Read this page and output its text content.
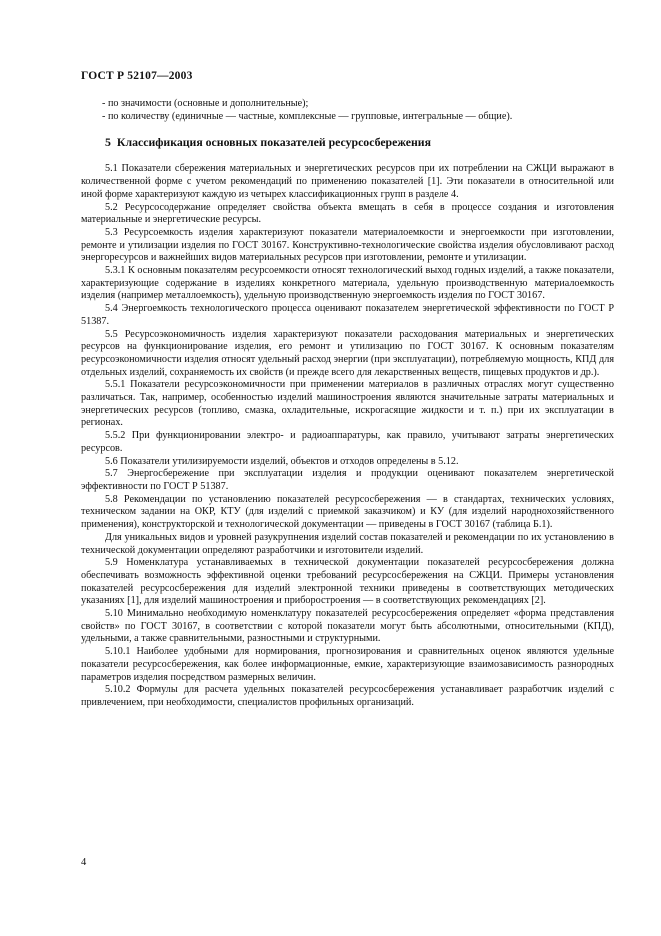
ГОСТ Р 52107—2003

- по значимости (основные и дополнительные);

- по количеству (единичные — частные, комплексные — групповые, интегральные — общие).

5 Классификация основных показателей ресурсосбережения

5.1 Показатели сбережения материальных и энергетических ресурсов при их потреблении на СЖЦИ выражают в количественной форме с учетом рекомендаций по применению показателей [1]. Эти показатели в относительной или иной форме характеризуют каждую из четырех классификационных групп в разделе 4.

5.2 Ресурсосодержание определяет свойства объекта вмещать в себя в процессе создания и изготовления материальные и энергетические ресурсы.

5.3 Ресурсоемкость изделия характеризуют показатели материалоемкости и энергоемкости при изготовлении, ремонте и утилизации изделия по ГОСТ 30167. Конструктивно-технологические свойства изделия обусловливают расход энергоресурсов и важнейших видов материальных ресурсов при изготовлении, ремонте и утилизации.

5.3.1 К основным показателям ресурсоемкости относят технологический выход годных изделий, а также показатели, характеризующие содержание в изделиях конкретного материала, удельную производственную материалоемкость изделия (например металлоемкость), удельную производственную энергоемкость изделия по ГОСТ 30167.

5.4 Энергоемкость технологического процесса оценивают показателем энергетической эффективности по ГОСТ Р 51387.

5.5 Ресурсоэкономичность изделия характеризуют показатели расходования материальных и энергетических ресурсов на функционирование изделия, его ремонт и утилизацию по ГОСТ 30167. К основным показателям ресурсоэкономичности изделия относят удельный расход энергии (при эксплуатации), потребляемую мощность, КПД для отдельных изделий, сохраняемость их свойств (и прежде всего для лекарственных веществ, пищевых продуктов и др.).

5.5.1 Показатели ресурсоэкономичности при применении материалов в различных отраслях могут существенно различаться. Так, например, особенностью изделий машиностроения являются значительные затраты материальных и энергетических ресурсов (топливо, смазка, охладительные, искрогасящие жидкости и т. п.) при их эксплуатации в регионах.

5.5.2 При функционировании электро- и радиоаппаратуры, как правило, учитывают затраты энергетических ресурсов.

5.6 Показатели утилизируемости изделий, объектов и отходов определены в 5.12.

5.7 Энергосбережение при эксплуатации изделия и продукции оценивают показателем энергетической эффективности по ГОСТ Р 51387.

5.8 Рекомендации по установлению показателей ресурсосбережения — в стандартах, технических условиях, техническом задании на ОКР, КТУ (для изделий с приемкой заказчиком) и КУ (для изделий народнохозяйственного применения), конструкторской и технологической документации — приведены в ГОСТ 30167 (таблица Б.1).

Для уникальных видов и уровней разукрупнения изделий состав показателей и рекомендации по их установлению в технической документации определяют разработчики и изготовители изделий.

5.9 Номенклатура устанавливаемых в технической документации показателей ресурсосбережения должна обеспечивать возможность эффективной оценки требований ресурсосбережения на СЖЦИ. Примеры установления показателей ресурсосбережения для изделий электронной техники приведены в соответствующих методических указаниях [1], для изделий машиностроения и приборостроения — в соответствующих рекомендациях [2].

5.10 Минимально необходимую номенклатуру показателей ресурсосбережения определяет «форма представления свойств» по ГОСТ 30167, в соответствии с которой показатели могут быть абсолютными, относительными (КПД), удельными, а также сравнительными, разностными и структурными.

5.10.1 Наиболее удобными для нормирования, прогнозирования и сравнительных оценок являются удельные показатели ресурсосбережения, как более информационные, емкие, характеризующие взаимозависимость разнородных параметров изделия посредством размерных величин.

5.10.2 Формулы для расчета удельных показателей ресурсосбережения устанавливает разработчик изделий с привлечением, при необходимости, специалистов профильных организаций.

4
